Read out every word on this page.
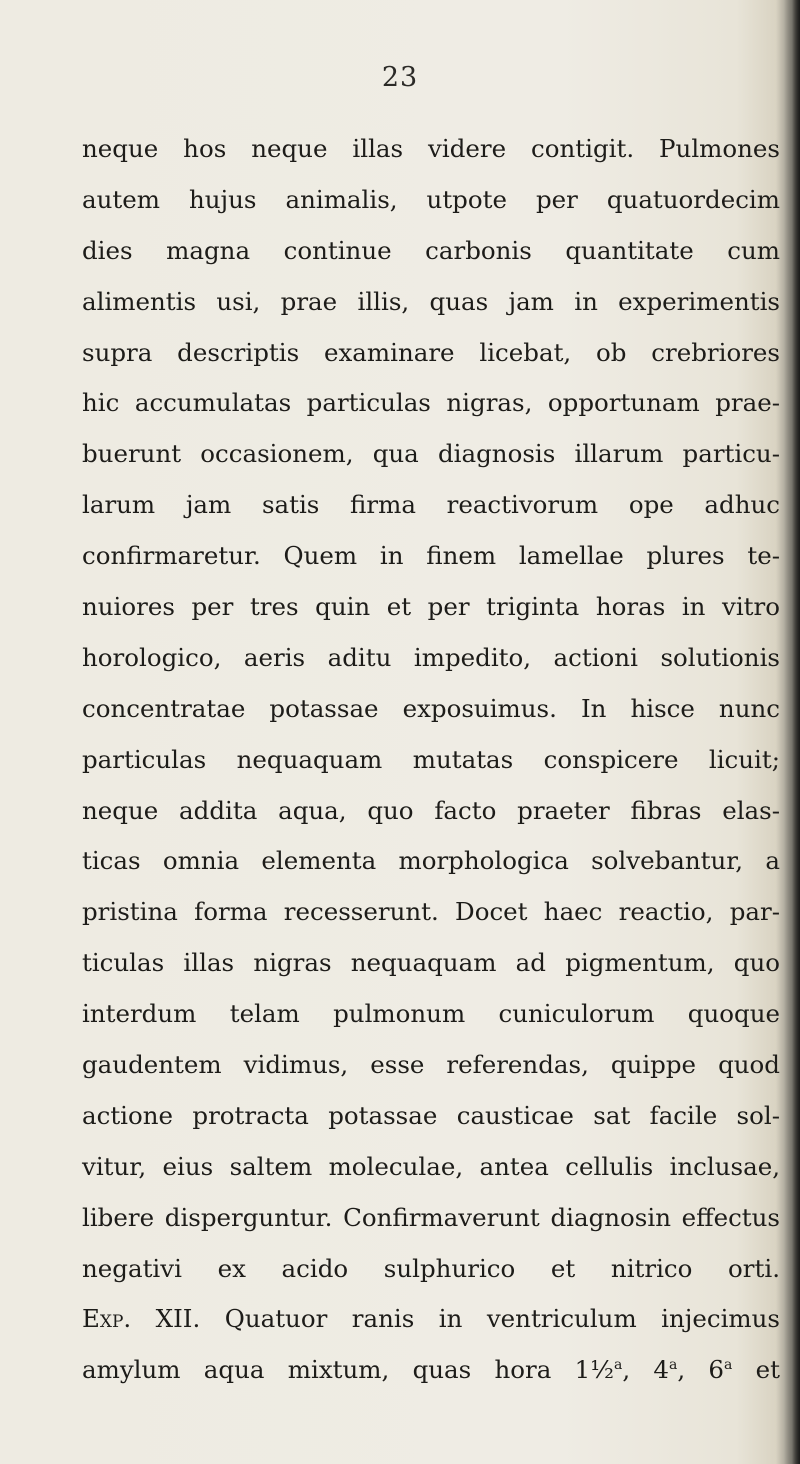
23
neque hos neque illas videre contigit. Pulmones
autem hujus animalis, utpote per quatuordecim
dies magna continue carbonis quantitate cum
alimentis usi, prae illis, quas jam in experimentis
supra descriptis examinare licebat, ob crebriores
hic accumulatas particulas nigras, opportunam prae-
buerunt occasionem, qua diagnosis illarum particu-
larum jam satis firma reactivorum ope adhuc
confirmaretur. Quem in finem lamellae plures te-
nuiores per tres quin et per triginta horas in vitro
horologico, aeris aditu impedito, actioni solutionis
concentratae potassae exposuimus. In hisce nunc
particulas nequaquam mutatas conspicere licuit;
neque addita aqua, quo facto praeter fibras elas-
ticas omnia elementa morphologica solvebantur, a
pristina forma recesserunt. Docet haec reactio, par-
ticulas illas nigras nequaquam ad pigmentum, quo
interdum telam pulmonum cuniculorum quoque
gaudentem vidimus, esse referendas, quippe quod
actione protracta potassae causticae sat facile sol-
vitur, eius saltem moleculae, antea cellulis inclusae,
libere disperguntur. Confirmaverunt diagnosin effectus
negativi ex acido sulphurico et nitrico orti.
Exp. XII. Quatuor ranis in ventriculum injecimus
amylum aqua mixtum, quas hora 1½$^a$, 4$^a$, 6$^a$ et
